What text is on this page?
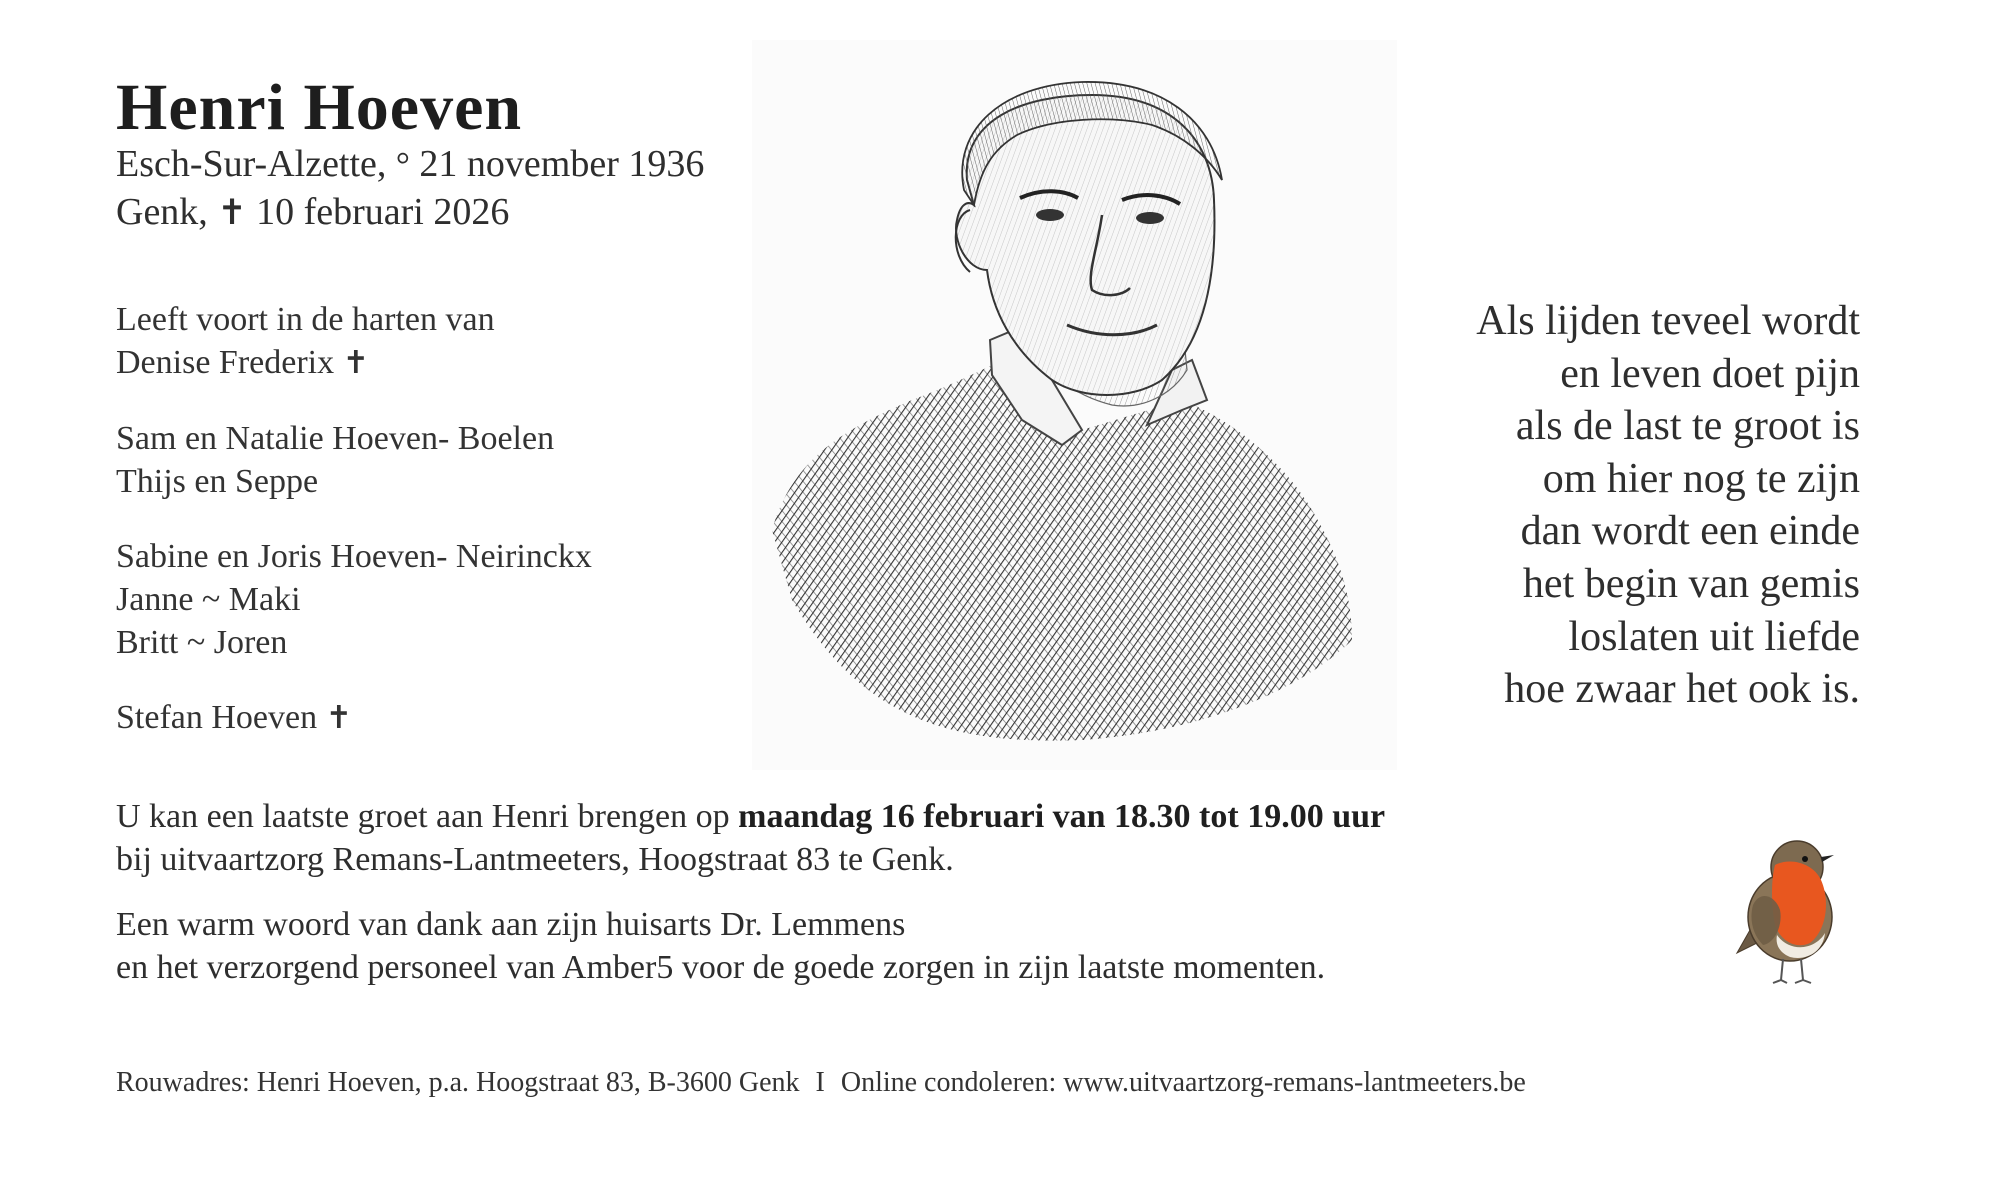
Henri Hoeven
Esch-Sur-Alzette, ° 21 november 1936
Genk, ✝ 10 februari 2026
Leeft voort in de harten van
Denise Frederix ✝
Sam en Natalie Hoeven- Boelen
Thijs en Seppe
Sabine en Joris Hoeven- Neirinckx
Janne ~ Maki
Britt ~ Joren
Stefan Hoeven ✝
Als lijden teveel wordt
en leven doet pijn
als de last te groot is
om hier nog te zijn
dan wordt een einde
het begin van gemis
loslaten uit liefde
hoe zwaar het ook is.
U kan een laatste groet aan Henri brengen op maandag 16 februari van 18.30 tot 19.00 uur
bij uitvaartzorg Remans-Lantmeeters, Hoogstraat 83 te Genk.
Een warm woord van dank aan zijn huisarts Dr. Lemmens
en het verzorgend personeel van Amber5 voor de goede zorgen in zijn laatste momenten.
Rouwadres: Henri Hoeven, p.a. Hoogstraat 83, B-3600 Genk I Online condoleren: www.uitvaartzorg-remans-lantmeeters.be
